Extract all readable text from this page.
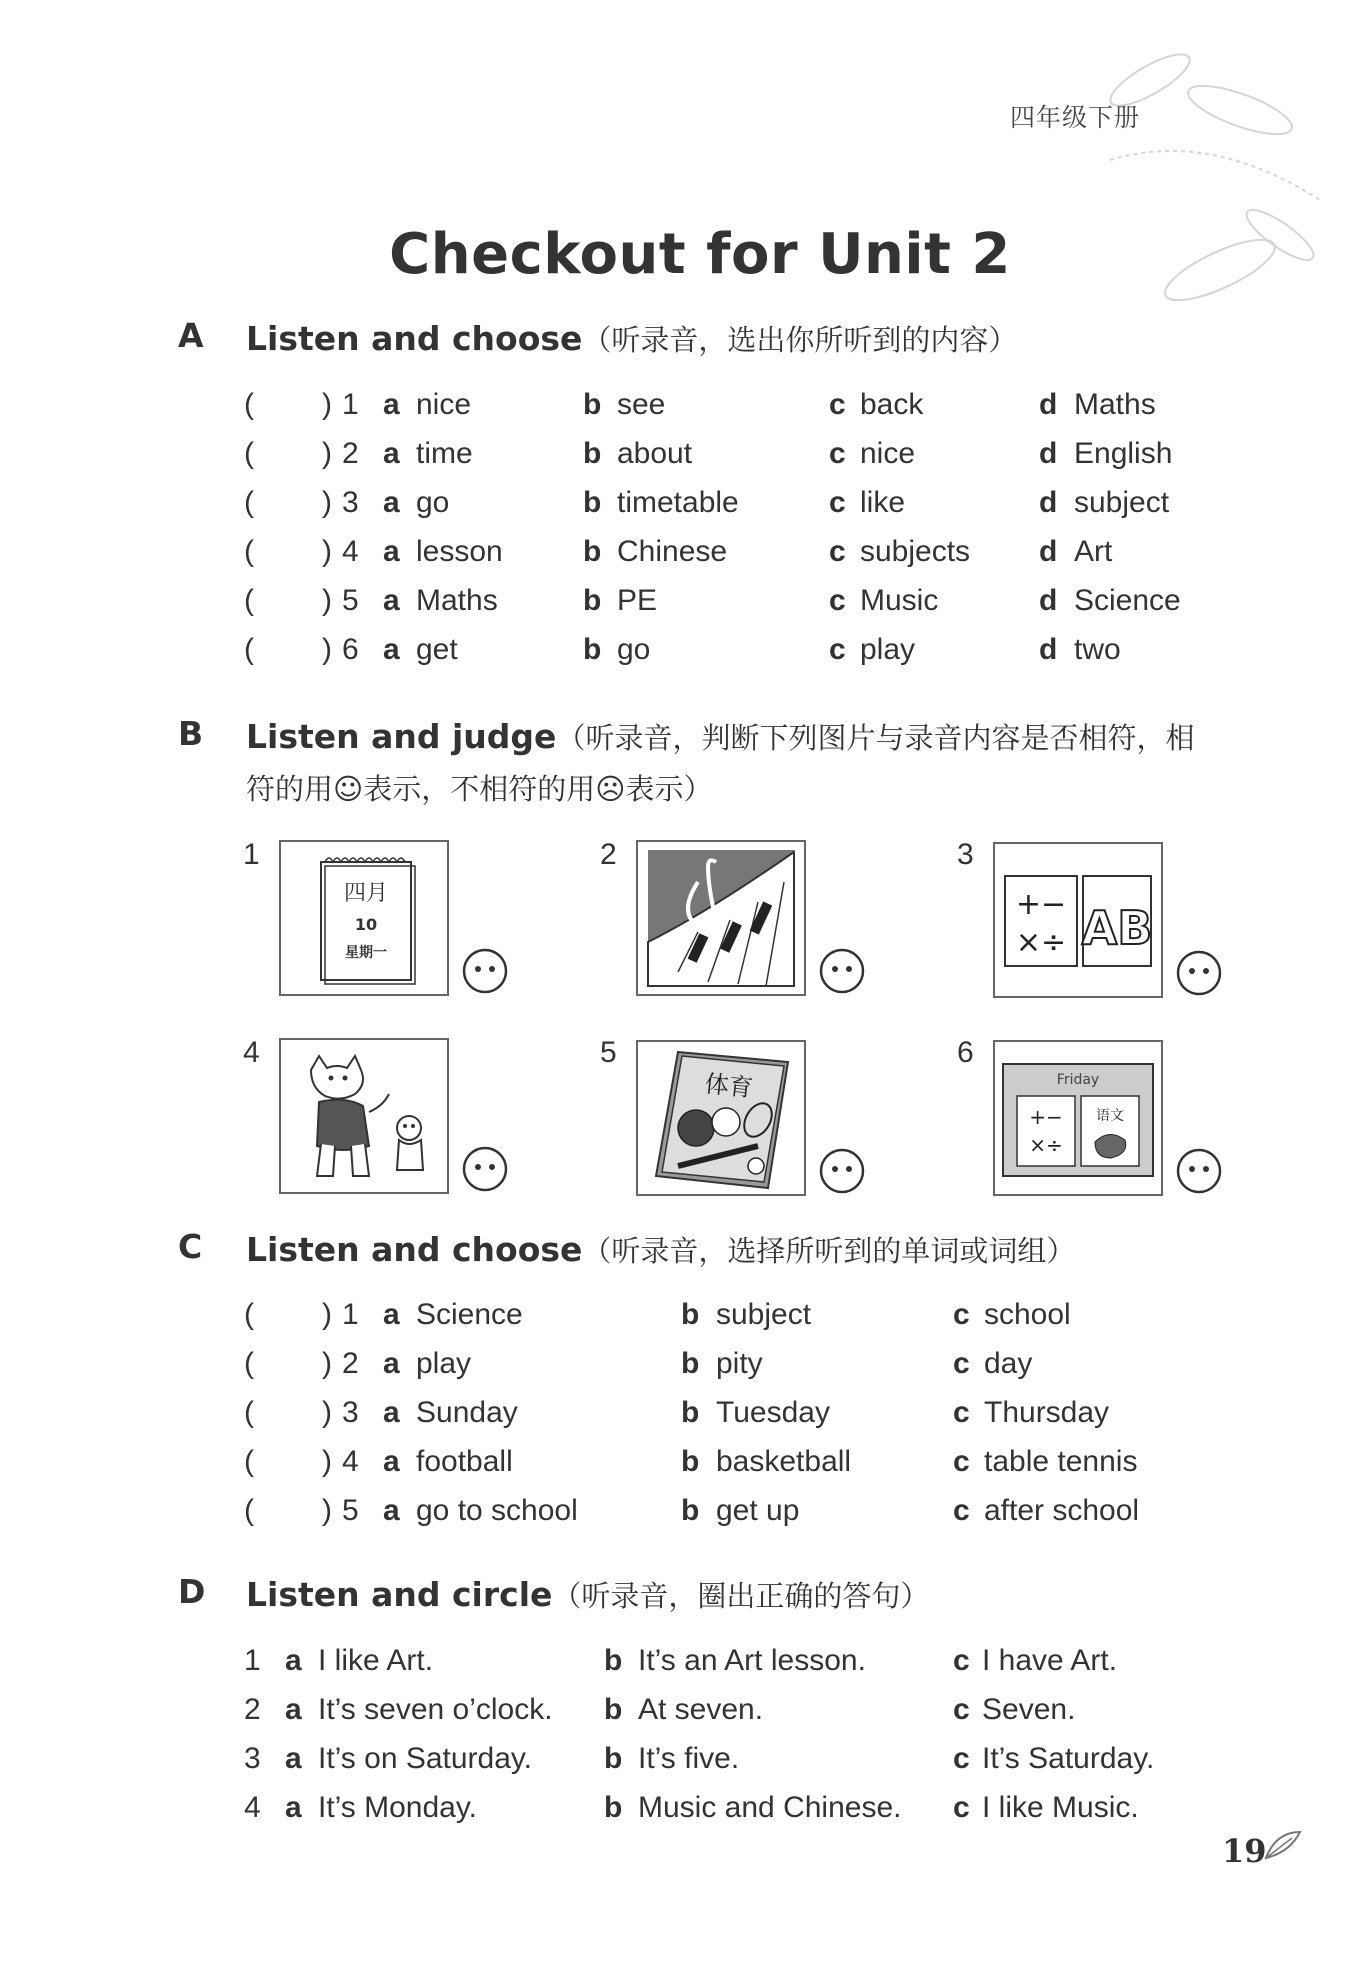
四年级下册
Checkout for Unit 2
A Listen and choose（听录音，选出你所听到的内容）
( ) 1 a nice	b see	c back	d Maths
( ) 2 a time	b about	c nice	d English
( ) 3 a go	b timetable	c like	d subject
( ) 4 a lesson	b Chinese	c subjects d Art
( ) 5 a Maths	b PE	c Music	d Science
( ) 6 a get	b go	c play	d two
B Listen and judge（听录音，判断下列图片与录音内容是否相符，相
符的用☺表示，不相符的用☹表示）
1
四月
10
星期一
2	3
+−
×÷ AB
4	5
体育
6
Friday
+−
×÷
语文
C Listen and choose（听录音，选择所听到的单词或词组）
( ) 1 a Science	b subject	c school
( ) 2 a play	b pity	c day
( ) 3 a Sunday	b Tuesday	c Thursday
( ) 4 a football	b basketball	c table tennis
( ) 5 a go to school	b get up	c after school
D Listen and circle（听录音，圈出正确的答句）
1 a I like Art.	b It’s an Art lesson.	c I have Art.
2 a It’s seven o’clock. b At seven.	c Seven.
3 a It’s on Saturday. b It’s five.	c It’s Saturday.
4 a It’s Monday.	b Music and Chinese. c I like Music.
19
